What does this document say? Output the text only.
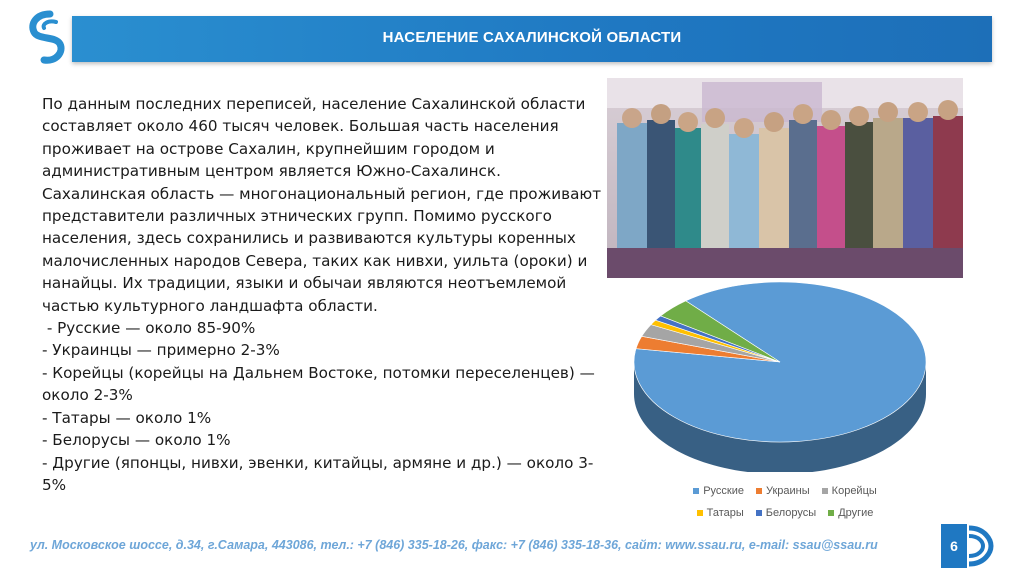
НАСЕЛЕНИЕ САХАЛИНСКОЙ ОБЛАСТИ

По данным последних переписей, население Сахалинской области составляет около 460 тысяч человек. Большая часть населения проживает на острове Сахалин, крупнейшим городом и административным центром является Южно-Сахалинск.

Сахалинская область — многонациональный регион, где проживают представители различных этнических групп. Помимо русского населения, здесь сохранились и развиваются культуры коренных малочисленных народов Севера, таких как нивхи, уильта (ороки) и нанайцы. Их традиции, языки и обычаи являются неотъемлемой частью культурного ландшафта области.

- Русские — около 85-90%
- Украинцы — примерно 2-3%
- Корейцы (корейцы на Дальнем Востоке, потомки переселенцев) — около 2-3%
- Татары — около 1%
- Белорусы — около 1%
- Другие (японцы, нивхи, эвенки, китайцы, армяне и др.) — около 3-5%	Русские Украины Корейцы
Татары Белорусы Другие
ул. Московское шоссе, д.34, г.Самара, 443086, тел.: +7 (846) 335-18-26, факс: +7 (846) 335-18-36, сайт: www.ssau.ru, e-mail: ssau@ssau.ru	6
